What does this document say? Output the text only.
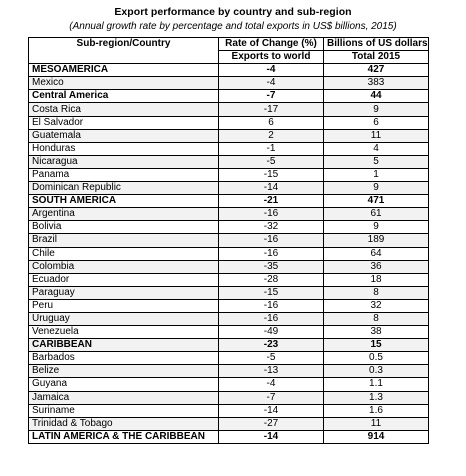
Export performance by country and sub-region
(Annual growth rate by percentage and total exports in US$ billions, 2015)
Sub-region/Country	Rate of Change (%)	Billions of US dollars
	Exports to world	Total 2015
MESOAMERICA	-4	427
Mexico	-4	383
Central America	-7	44
Costa Rica	-17	9
El Salvador	6	6
Guatemala	2	11
Honduras	-1	4
Nicaragua	-5	5
Panama	-15	1
Dominican Republic	-14	9
SOUTH AMERICA	-21	471
Argentina	-16	61
Bolivia	-32	9
Brazil	-16	189
Chile	-16	64
Colombia	-35	36
Ecuador	-28	18
Paraguay	-15	8
Peru	-16	32
Uruguay	-16	8
Venezuela	-49	38
CARIBBEAN	-23	15
Barbados	-5	0.5
Belize	-13	0.3
Guyana	-4	1.1
Jamaica	-7	1.3
Suriname	-14	1.6
Trinidad & Tobago	-27	11
LATIN AMERICA & THE CARIBBEAN	-14	914
